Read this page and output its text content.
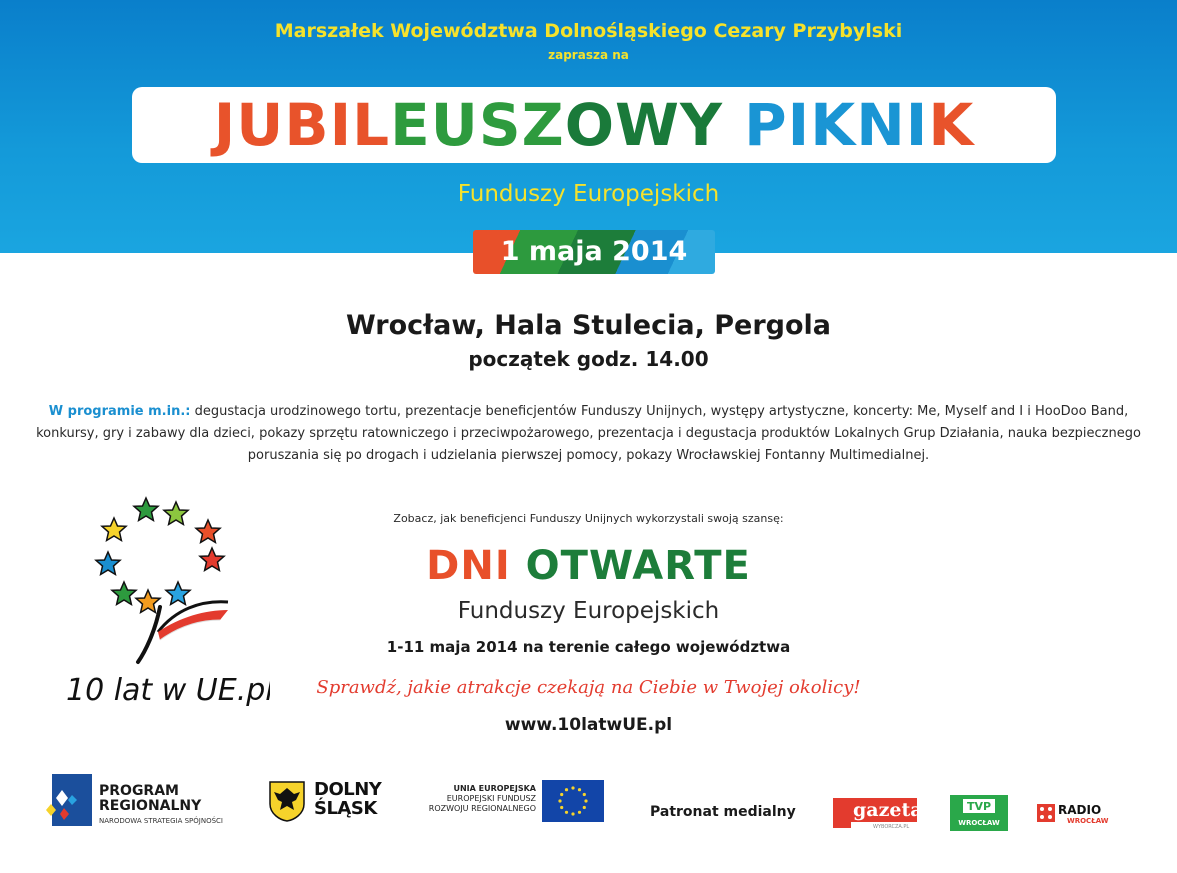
Marszałek Województwa Dolnośląskiego Cezary Przybylski
zaprasza na
JUBILEUSZOWY PIKNIK
Funduszy Europejskich
1 maja 2014
Wrocław, Hala Stulecia, Pergola
początek godz. 14.00
W programie m.in.: degustacja urodzinowego tortu, prezentacje beneficjentów Funduszy Unijnych, występy artystyczne, koncerty: Me, Myself and I i HooDoo Band, konkursy, gry i zabawy dla dzieci, pokazy sprzętu ratowniczego i przeciwpożarowego, prezentacja i degustacja produktów Lokalnych Grup Działania, nauka bezpiecznego poruszania się po drogach i udzielania pierwszej pomocy, pokazy Wrocławskiej Fontanny Multimedialnej.
10 lat w UE.pl
Zobacz, jak beneficjenci Funduszy Unijnych wykorzystali swoją szansę:
DNI OTWARTE
Funduszy Europejskich
1-11 maja 2014 na terenie całego województwa
Sprawdź, jakie atrakcje czekają na Ciebie w Twojej okolicy!
www.10latwUE.pl
PROGRAM
REGIONALNY
NARODOWA STRATEGIA SPÓJNOŚCI
DOLNY
ŚLĄSK
UNIA EUROPEJSKA
EUROPEJSKI FUNDUSZ
ROZWOJU REGIONALNEGO	Patronat medialny	gazeta
WYBORCZA.PL
TVP
WROCŁAW
RADIO
WROCŁAW
